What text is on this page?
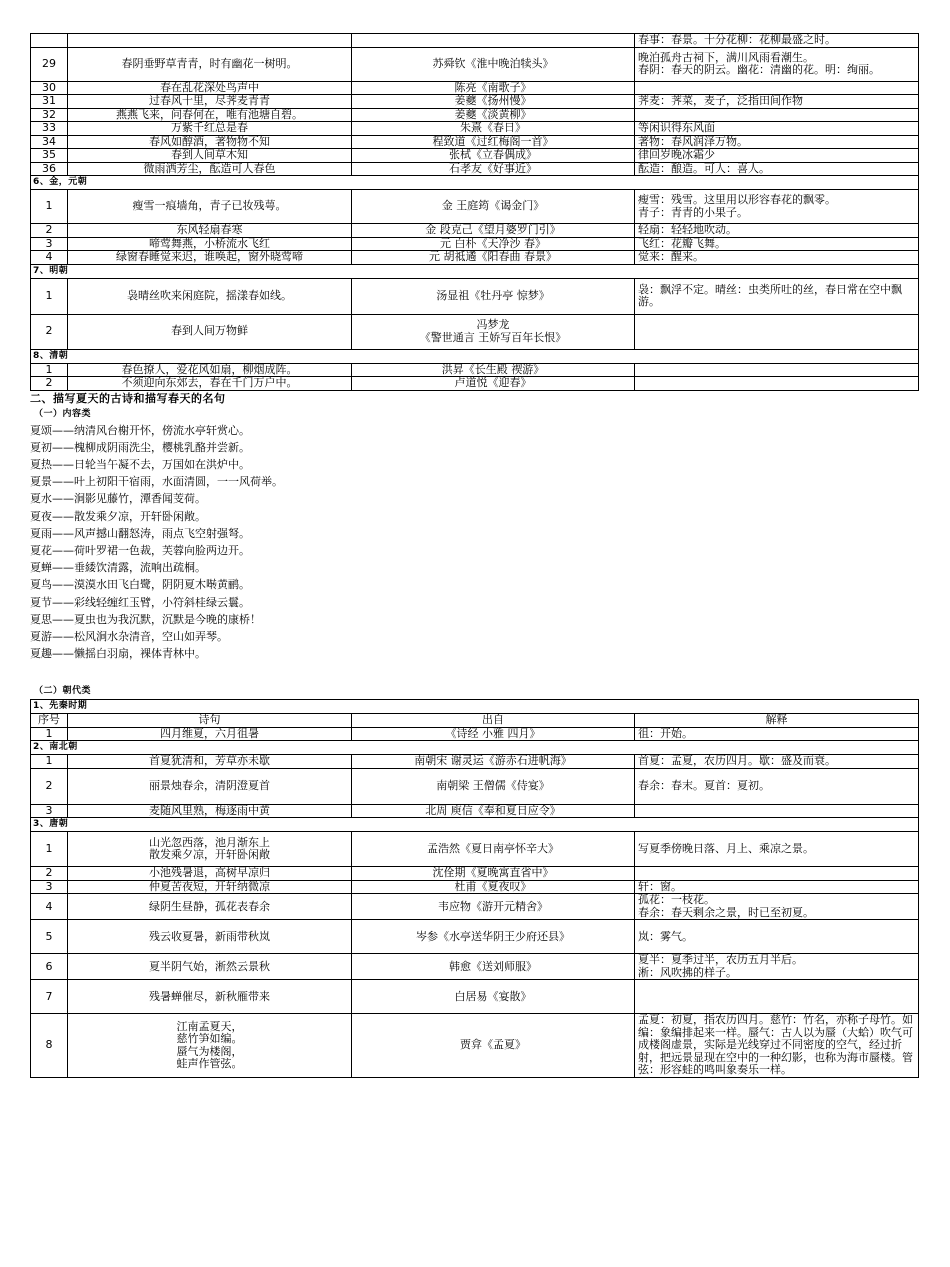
			春事：春景。十分花柳：花柳最盛之时。
29	春阴垂野草青青，时有幽花一树明。	苏舜钦《淮中晚泊犊头》	晚泊孤舟古祠下，满川风雨看潮生。
春阴：春天的阴云。幽花：清幽的花。明：绚丽。
30	春在乱花深处鸟声中	陈亮《南歌子》	
31	过春风十里，尽荠麦青青	姜夔《扬州慢》	荠麦：荠菜，麦子，泛指田间作物
32	燕燕飞来，问春何在，唯有池塘自碧。	姜夔《淡黄柳》	
33	万紫千红总是春	朱熹《春日》	等闲识得东风面
34	春风如醇酒，著物物不知	程致道《过红梅阁一首》	著物：春风润泽万物。
35	春到人间草木知	张栻《立春偶成》	律回岁晚冰霜少
36	微雨洒芳尘，酝造可人春色	石孝友《好事近》	酝造：酿造。可人：喜人。
6、金，元朝			
1	瘦雪一痕墙角，青子已妆残萼。	金 王庭筠《谒金门》	瘦雪：残雪。这里用以形容春花的飘零。
青子：青青的小果子。
2	东风轻扇春寒	金 段克己《望月婆罗门引》	轻扇：轻轻地吹动。
3	啼莺舞燕，小桥流水飞红	元 白朴《天净沙 春》	飞红：花瓣飞舞。
4	绿窗春睡觉来迟，谁唤起，窗外晓莺啼	元 胡祗遹《阳春曲 春景》	觉来：醒来。
7、明朝			
1	袅晴丝吹来闲庭院，摇漾春如线。	汤显祖《牡丹亭 惊梦》	袅：飘浮不定。晴丝：虫类所吐的丝，春日常在空中飘游。
2	春到人间万物鲜	冯梦龙
《警世通言 王娇写百年长恨》	
8、清朝			
1	春色撩人，爱花风如扇，柳烟成阵。	洪昇《长生殿 禊游》	
2	不须迎向东郊去，春在千门万户中。	卢道悦《迎春》	
二、描写夏天的古诗和描写春天的名句
（一）内容类
夏颂——纳清风台榭开怀，傍流水亭轩赏心。
夏初——槐柳成阴雨洗尘，樱桃乳酪并尝新。
夏热——日轮当午凝不去，万国如在洪炉中。
夏景——叶上初阳干宿雨，水面清圆，一一风荷举。
夏水——涧影见藤竹，潭香闻芰荷。
夏夜——散发乘夕凉，开轩卧闲敞。
夏雨——风声撼山翻怒涛，雨点飞空射强弩。
夏花——荷叶罗裙一色裁，芙蓉向脸两边开。
夏蝉——垂緌饮清露，流响出疏桐。
夏鸟——漠漠水田飞白鹭，阴阴夏木啭黄鹂。
夏节——彩线轻缠红玉臂，小符斜桂绿云鬟。
夏思——夏虫也为我沉默，沉默是今晚的康桥！
夏游——松风涧水杂清音，空山如弄琴。
夏趣——懒摇白羽扇，裸体青林中。
（二）朝代类
1、先秦时期			
序号	诗句	出自	解释
1	四月维夏，六月徂暑	《诗经 小雅 四月》	徂：开始。
2、南北朝			
1	首夏犹清和，芳草亦未歇	南朝宋 谢灵运《游赤石进帆海》	首夏：孟夏，农历四月。歇：盛及而衰。
2	丽景烛春余，清阴澄夏首	南朝梁 王僧儒《侍宴》	春余：春末。夏首：夏初。
3	麦随风里熟，梅逐雨中黄	北周 庾信《奉和夏日应令》	
3、唐朝			
1	山光忽西落，池月渐东上
散发乘夕凉，开轩卧闲敞	孟浩然《夏日南亭怀辛大》	写夏季傍晚日落、月上、乘凉之景。
2	小池残暑退，高树早凉归	沈佺期《夏晚寓直省中》	
3	仲夏苦夜短，开轩纳微凉	杜甫《夏夜叹》	轩：窗。
4	绿阴生昼静，孤花表春余	韦应物《游开元精舍》	孤花：一枝花。
春余：春天剩余之景，时已至初夏。
5	残云收夏暑，新雨带秋岚	岑参《水亭送华阴王少府还县》	岚：雾气。
6	夏半阴气始，淅然云景秋	韩愈《送刘师服》	夏半：夏季过半，农历五月半后。
淅：风吹拂的样子。
7	残暑蝉催尽，新秋雁带来	白居易《宴散》	
8	江南孟夏天，
慈竹笋如编。
蜃气为楼阁，
蛙声作管弦。	贾弇《孟夏》	孟夏：初夏，指农历四月。慈竹：竹名，亦称子母竹。如编：象编排起来一样。蜃气：古人以为蜃（大蛤）吹气可成楼阁虚景，实际是光线穿过不同密度的空气，经过折射，把远景显现在空中的一种幻影，也称为海市蜃楼。管弦：形容蛙的鸣叫象奏乐一样。
